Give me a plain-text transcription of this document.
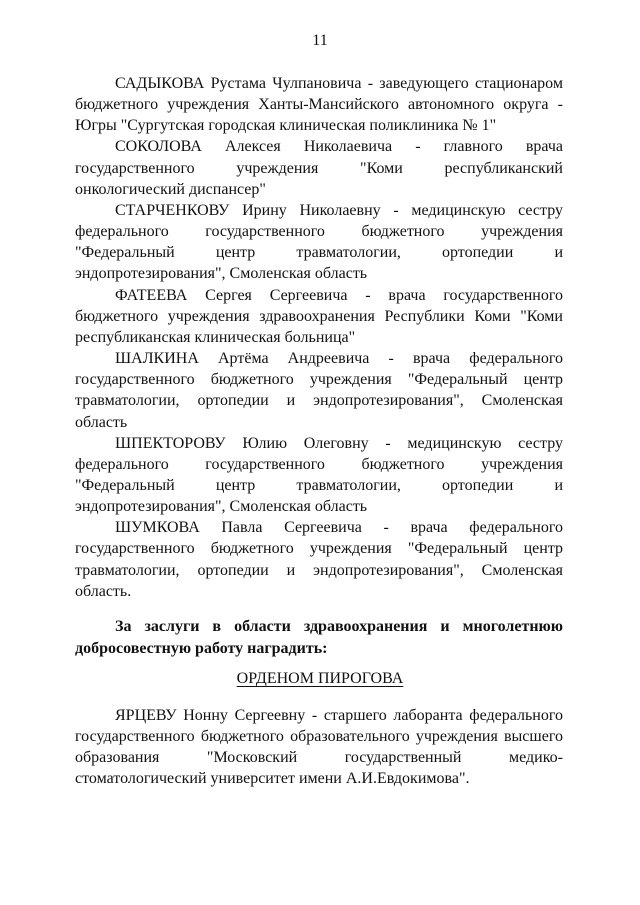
11

САДЫКОВА Рустама Чулпановича - заведующего стационаром бюджетного учреждения Ханты-Мансийского автономного округа - Югры "Сургутская городская клиническая поликлиника № 1"

СОКОЛОВА Алексея Николаевича - главного врача государственного учреждения "Коми республиканский онкологический диспансер"

СТАРЧЕНКОВУ Ирину Николаевну - медицинскую сестру федерального государственного бюджетного учреждения "Федеральный центр травматологии, ортопедии и эндопротезирования", Смоленская область

ФАТЕЕВА Сергея Сергеевича - врача государственного бюджетного учреждения здравоохранения Республики Коми "Коми республиканская клиническая больница"

ШАЛКИНА Артёма Андреевича - врача федерального государственного бюджетного учреждения "Федеральный центр травматологии, ортопедии и эндопротезирования", Смоленская область

ШПЕКТОРОВУ Юлию Олеговну - медицинскую сестру федерального государственного бюджетного учреждения "Федеральный центр травматологии, ортопедии и эндопротезирования", Смоленская область

ШУМКОВА Павла Сергеевича - врача федерального государственного бюджетного учреждения "Федеральный центр травматологии, ортопедии и эндопротезирования", Смоленская область.

За заслуги в области здравоохранения и многолетнюю добросовестную работу наградить:

ОРДЕНОМ ПИРОГОВА

ЯРЦЕВУ Нонну Сергеевну - старшего лаборанта федерального государственного бюджетного образовательного учреждения высшего образования "Московский государственный медико-стоматологический университет имени А.И.Евдокимова".
